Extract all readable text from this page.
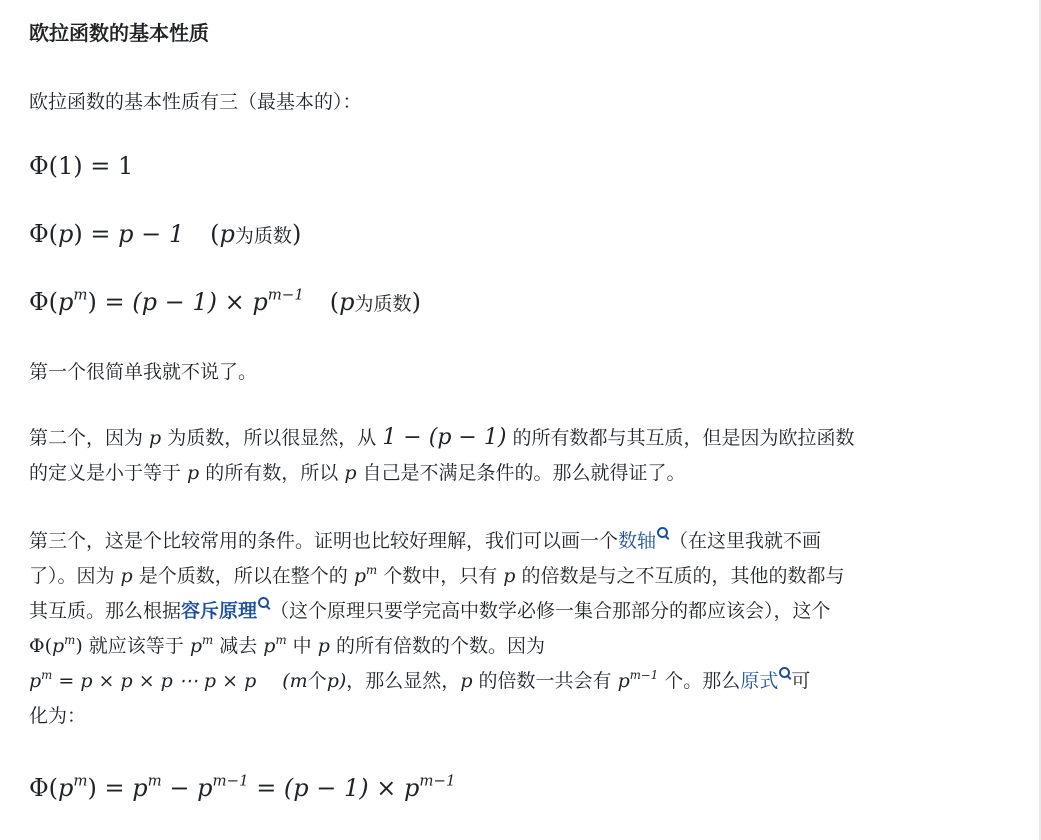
欧拉函数的基本性质

欧拉函数的基本性质有三（最基本的）：

Φ(1) = 1
Φ(p) = p − 1 (p为质数)
$\Phi(p^m) = (p - 1) \times p^{m-1}$ (p为质数)

第一个很简单我就不说了。

第二个，因为 p 为质数，所以很显然，从 1 − (p − 1) 的所有数都与其互质，但是因为欧拉函数
的定义是小于等于 p 的所有数，所以 p 自己是不满足条件的。那么就得证了。

第三个，这是个比较常用的条件。证明也比较好理解，我们可以画一个数轴 （在这里我就不画
了）。因为 p 是个质数，所以在整个的 $p^m$ 个数中，只有 p 的倍数是与之不互质的，其他的数都与
其互质。那么根据容斥原理 （这个原理只要学完高中数学必修一集合那部分的都应该会），这个
$\Phi(p^m)$ 就应该等于 $p^m$ 减去 $p^m$ 中 p 的所有倍数的个数。因为
$p^m = p \times p \times p$ ⋯ p × p (m个p)，那么显然，p 的倍数一共会有 $p^{m-1}$ 个。那么原式 可
化为：

$\Phi(p^m) = p^m - p^{m-1} = (p - 1) \times p^{m-1}$
